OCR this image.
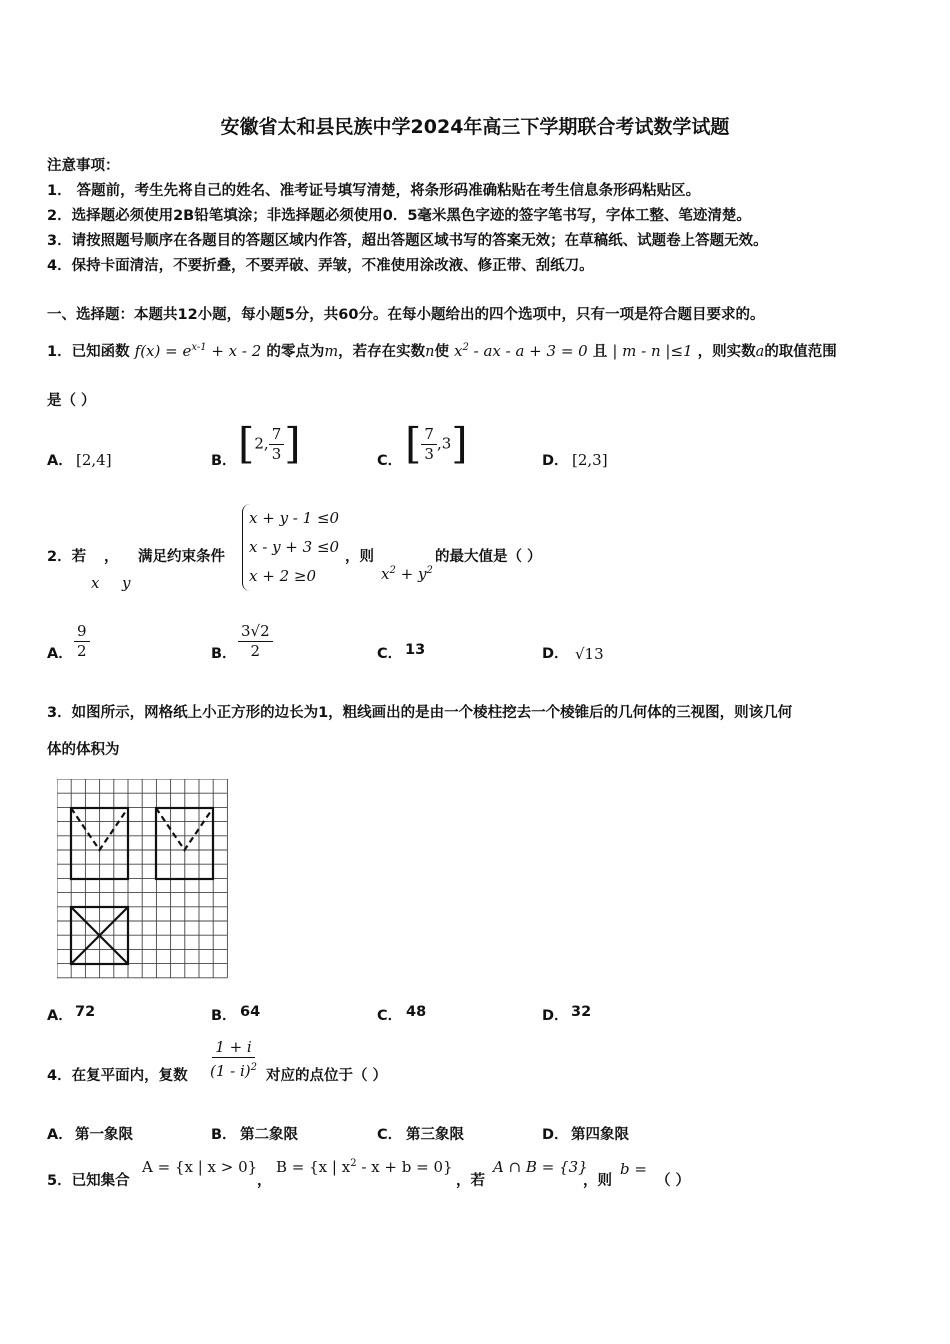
安徽省太和县民族中学2024年高三下学期联合考试数学试题
注意事项：
1． 答题前，考生先将自己的姓名、准考证号填写清楚，将条形码准确粘贴在考生信息条形码粘贴区。
2．选择题必须使用2B铅笔填涂；非选择题必须使用0．5毫米黑色字迹的签字笔书写，字体工整、笔迹清楚。
3．请按照题号顺序在各题目的答题区域内作答，超出答题区域书写的答案无效；在草稿纸、试题卷上答题无效。
4．保持卡面清洁，不要折叠，不要弄破、弄皱，不准使用涂改液、修正带、刮纸刀。
一、选择题：本题共12小题，每小题5分，共60分。在每小题给出的四个选项中，只有一项是符合题目要求的。
1．已知函数 $f(x) = e^{x-1} + x - 2$ 的零点为m，若存在实数n使 $x^2$ - ax - a + 3 = 0 且 | m - n |≤1 ，则实数a的取值范围
是（ ）
A． [2,4]	B． [2, $\frac{7}{3}$ ]	C． [ $\frac{7}{3} ,3$]	D． [2,3]
2．若 ， 满足约束条件
x y
x + y - 1 ≤0
x - y + 3 ≤0
x + 2 ≥0
，则
$x^2 + y^2$
的最大值是（ ）
A． $\frac{9}{2}$	B． $\frac{3√2}{2}$	C． 13	D． √13
3．如图所示，网格纸上小正方形的边长为1，粗线画出的是由一个棱柱挖去一个棱锥后的几何体的三视图，则该几何
体的体积为
A． 72	B． 64	C． 48	D． 32
4．在复平面内，复数 $\frac{1 + i}{(1 - i)^2}$ 对应的点位于（ ）
A． 第一象限	B． 第二象限	C． 第三象限	D． 第四象限
5．已知集合
A = {x | x > 0}
，
B = {x | $x^2 - x + b = 0$}
，若
A ∩ B = {3}
，则
b =
（ ）
